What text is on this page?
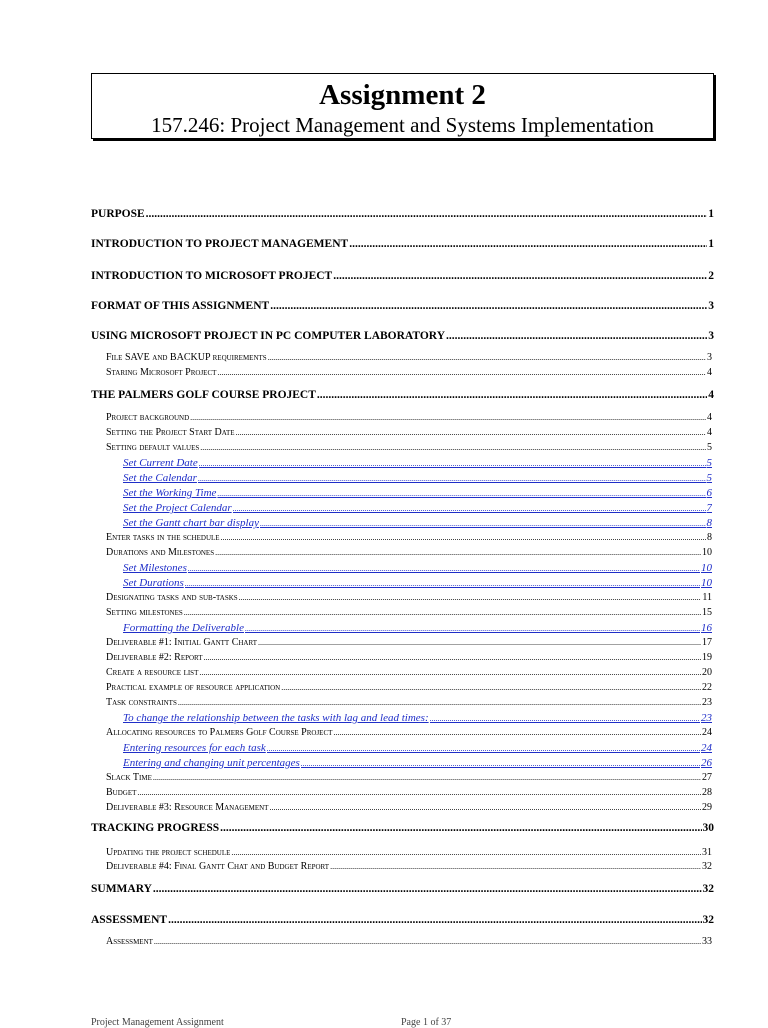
Assignment 2
157.246: Project Management and Systems Implementation
PURPOSE .....	1
INTRODUCTION TO PROJECT MANAGEMENT .....	1
INTRODUCTION TO MICROSOFT PROJECT .....	2
FORMAT OF THIS ASSIGNMENT .....	3
USING MICROSOFT PROJECT IN PC COMPUTER LABORATORY .....	3
File SAVE and BACKUP requirements .....	3
Staring Microsoft Project .....	4
THE PALMERS GOLF COURSE PROJECT .....	4
Project background .....	4
Setting the Project Start Date .....	4
Setting default values .....	5
Set Current Date .....	5
Set the Calendar .....	5
Set the Working Time .....	6
Set the Project Calendar .....	7
Set the Gantt chart bar display .....	8
Enter tasks in the schedule .....	8
Durations and Milestones .....	10
Set Milestones .....	10
Set Durations .....	10
Designating tasks and sub-tasks .....	11
Setting milestones .....	15
Formatting the Deliverable .....	16
Deliverable #1: Initial Gantt Chart .....	17
Deliverable #2: Report .....	19
Create a resource list .....	20
Practical example of resource application .....	22
Task constraints .....	23
To change the relationship between the tasks with lag and lead times: .....	23
Allocating resources to Palmers Golf Course Project .....	24
Entering resources for each task .....	24
Entering and changing unit percentages .....	26
Slack Time .....	27
Budget .....	28
Deliverable #3: Resource Management .....	29
TRACKING PROGRESS .....	30
Updating the project schedule .....	31
Deliverable #4: Final Gantt Chat and Budget Report .....	32
SUMMARY .....	32
ASSESSMENT .....	32
Assessment .....	33
Project Management Assignment	Page 1 of 37
